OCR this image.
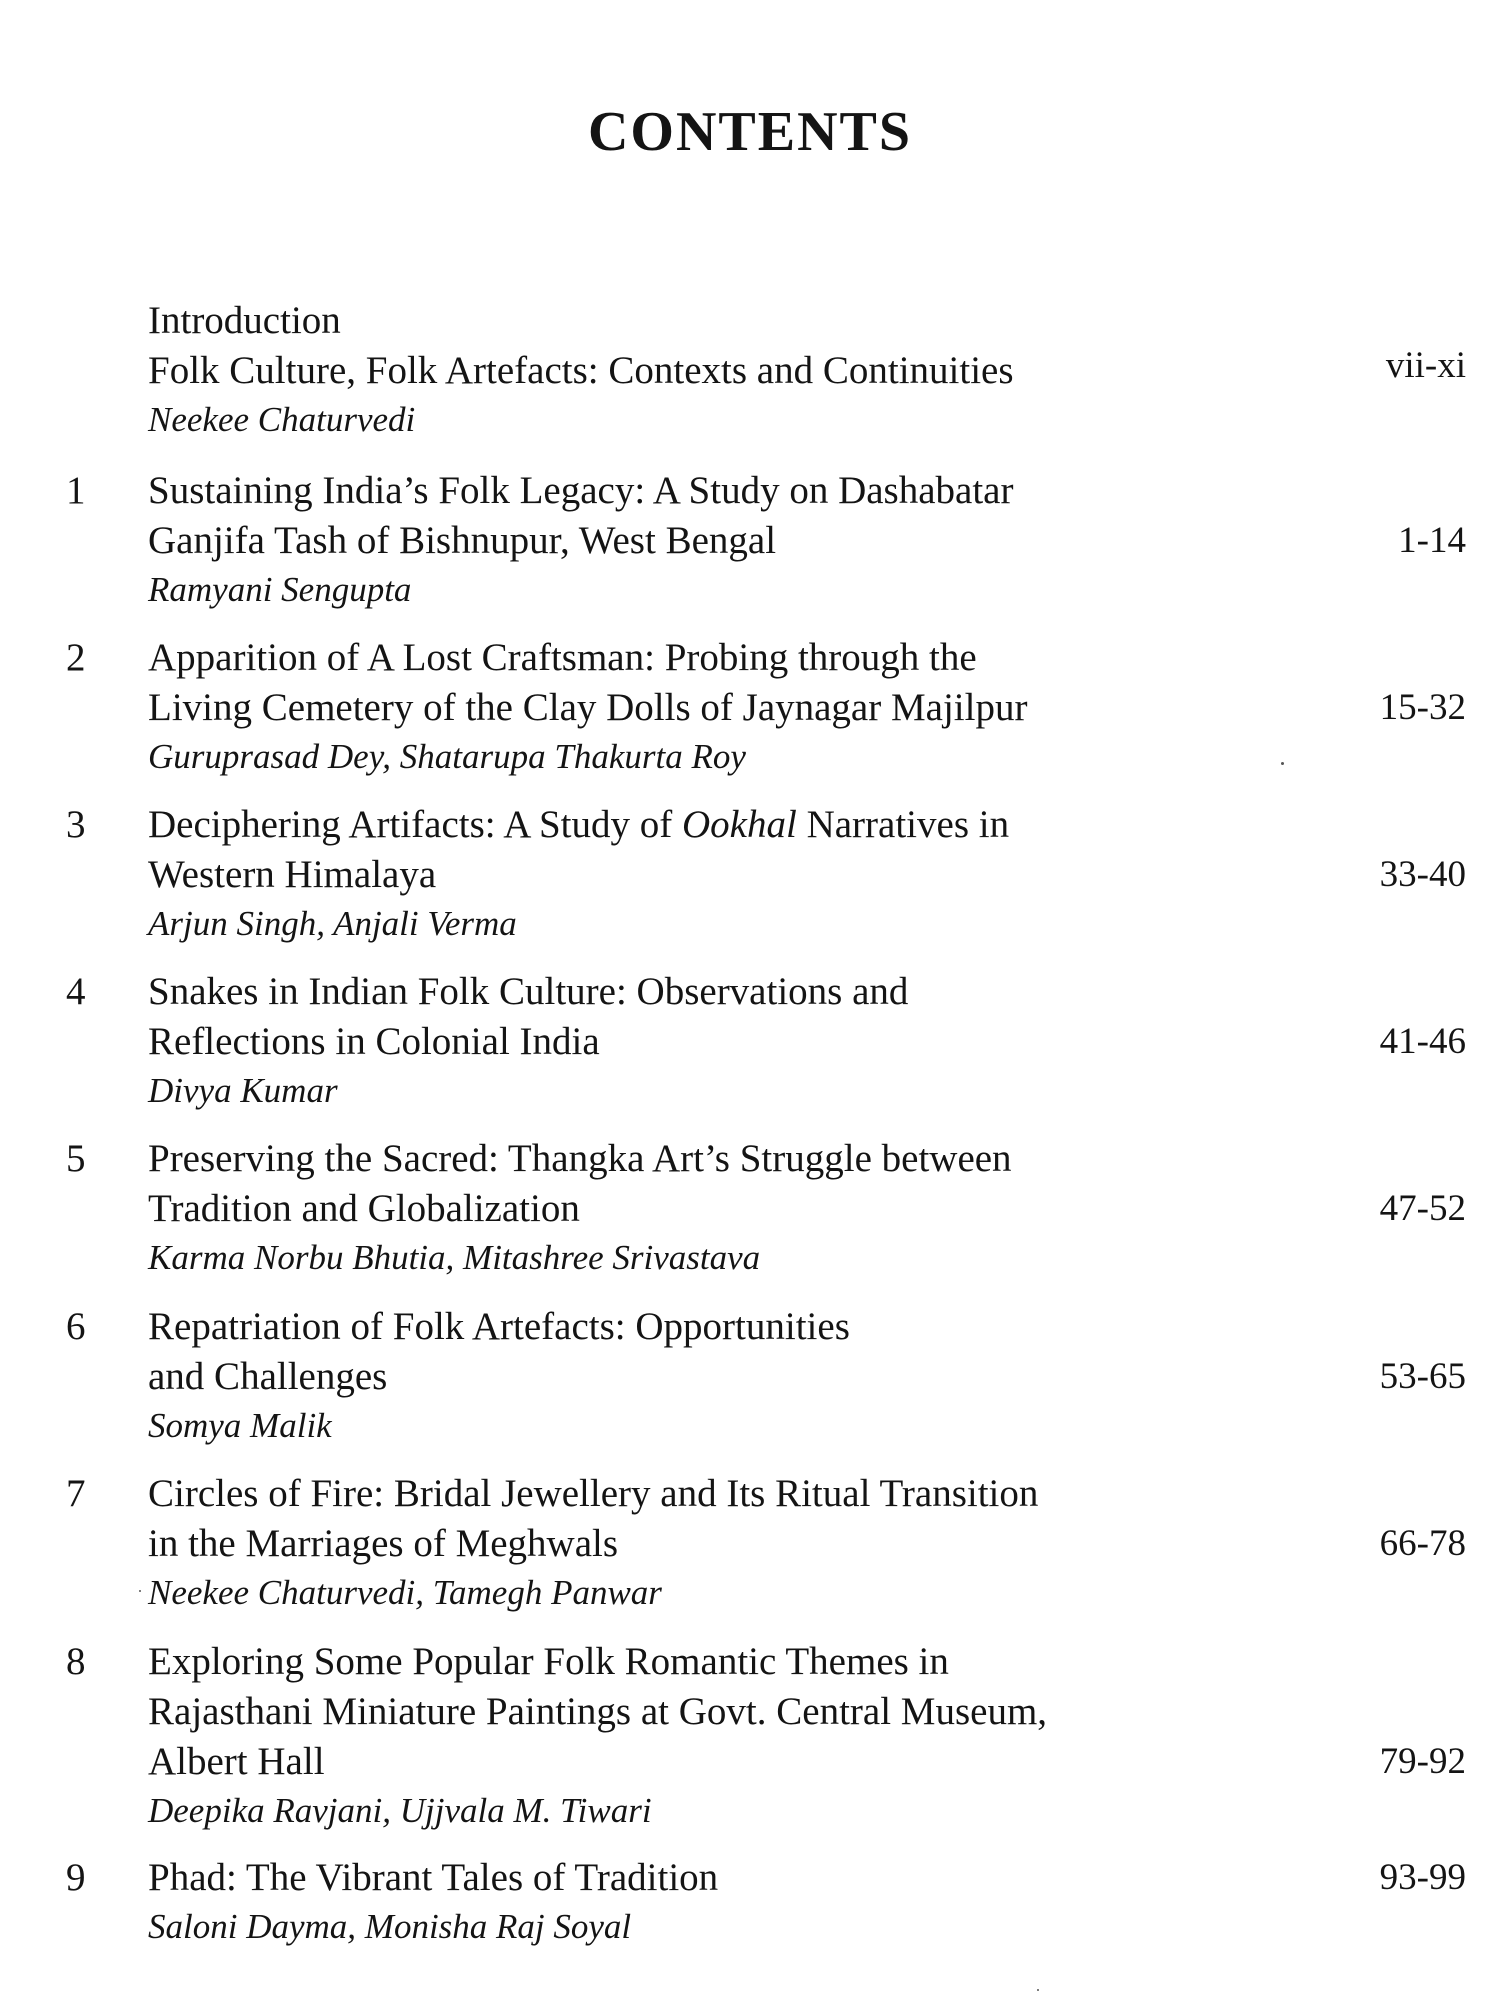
CONTENTS
Introduction
Folk Culture, Folk Artefacts: Contexts and Continuities
Neekee Chaturvedi
vii-xi
1	Sustaining India’s Folk Legacy: A Study on Dashabatar
Ganjifa Tash of Bishnupur, West Bengal
Ramyani Sengupta
1-14
2	Apparition of A Lost Craftsman: Probing through the
Living Cemetery of the Clay Dolls of Jaynagar Majilpur
Guruprasad Dey, Shatarupa Thakurta Roy
15-32
3	Deciphering Artifacts: A Study of Ookhal Narratives in
Western Himalaya
Arjun Singh, Anjali Verma
33-40
4	Snakes in Indian Folk Culture: Observations and
Reflections in Colonial India
Divya Kumar
41-46
5	Preserving the Sacred: Thangka Art’s Struggle between
Tradition and Globalization
Karma Norbu Bhutia, Mitashree Srivastava
47-52
6	Repatriation of Folk Artefacts: Opportunities
and Challenges
Somya Malik
53-65
7	Circles of Fire: Bridal Jewellery and Its Ritual Transition
in the Marriages of Meghwals
Neekee Chaturvedi, Tamegh Panwar
66-78
8	Exploring Some Popular Folk Romantic Themes in
Rajasthani Miniature Paintings at Govt. Central Museum,
Albert Hall
Deepika Ravjani, Ujjvala M. Tiwari
79-92
9	Phad: The Vibrant Tales of Tradition
Saloni Dayma, Monisha Raj Soyal
93-99
